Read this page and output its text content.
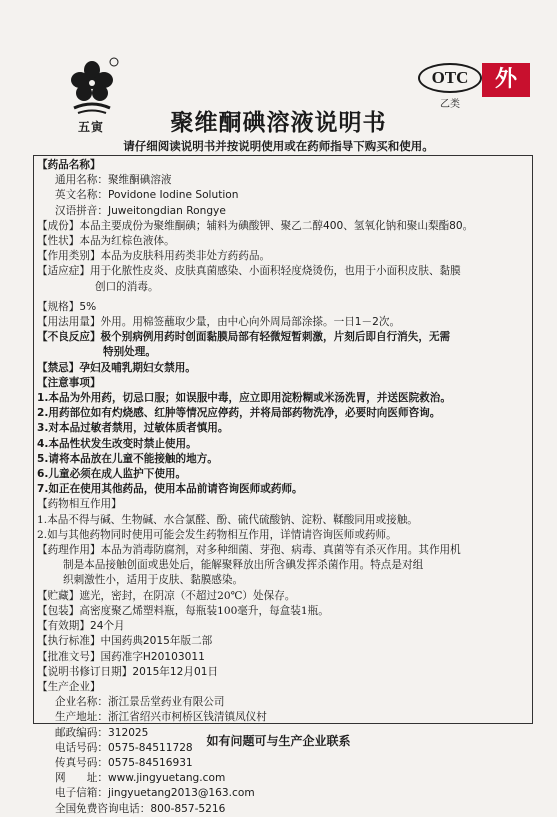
五寅
OTC
乙类
外
聚维酮碘溶液说明书
请仔细阅读说明书并按说明使用或在药师指导下购买和使用。
【药品名称】
通用名称：聚维酮碘溶液
英文名称：Povidone Iodine Solution
汉语拼音：Juweitongdian Rongye
【成份】本品主要成份为聚维酮碘；辅料为碘酸钾、聚乙二醇400、氢氧化钠和聚山梨酯80。
【性状】本品为红棕色液体。
【作用类别】本品为皮肤科用药类非处方药药品。
【适应症】用于化脓性皮炎、皮肤真菌感染、小面积轻度烧烫伤，也用于小面积皮肤、黏膜
创口的消毒。
【规格】5%
【用法用量】外用。用棉签蘸取少量，由中心向外周局部涂搽。一日1－2次。
【不良反应】极个别病例用药时创面黏膜局部有轻微短暂刺激，片刻后即自行消失，无需
特别处理。
【禁忌】孕妇及哺乳期妇女禁用。
【注意事项】
1.本品为外用药，切忌口服；如误服中毒，应立即用淀粉糊或米汤洗胃，并送医院救治。
2.用药部位如有灼烧感、红肿等情况应停药，并将局部药物洗净，必要时向医师咨询。
3.对本品过敏者禁用，过敏体质者慎用。
4.本品性状发生改变时禁止使用。
5.请将本品放在儿童不能接触的地方。
6.儿童必须在成人监护下使用。
7.如正在使用其他药品，使用本品前请咨询医师或药师。
【药物相互作用】
1.本品不得与碱、生物碱、水合氯醛、酚、硫代硫酸钠、淀粉、鞣酸同用或接触。
2.如与其他药物同时使用可能会发生药物相互作用，详情请咨询医师或药师。
【药理作用】本品为消毒防腐剂，对多种细菌、芽孢、病毒、真菌等有杀灭作用。其作用机
制是本品接触创面或患处后，能解聚释放出所含碘发挥杀菌作用。特点是对组
织刺激性小，适用于皮肤、黏膜感染。
【贮藏】遮光，密封，在阴凉（不超过20℃）处保存。
【包装】高密度聚乙烯塑料瓶，每瓶装100毫升，每盒装1瓶。
【有效期】24个月
【执行标准】中国药典2015年版二部
【批准文号】国药准字H20103011
【说明书修订日期】2015年12月01日
【生产企业】
企业名称：浙江景岳堂药业有限公司
生产地址：浙江省绍兴市柯桥区钱清镇凤仪村
邮政编码：312025
电话号码：0575-84511728
传真号码：0575-84516931
网　　址：www.jingyuetang.com
电子信箱：jingyuetang2013@163.com
全国免费咨询电话：800-857-5216
如有问题可与生产企业联系
